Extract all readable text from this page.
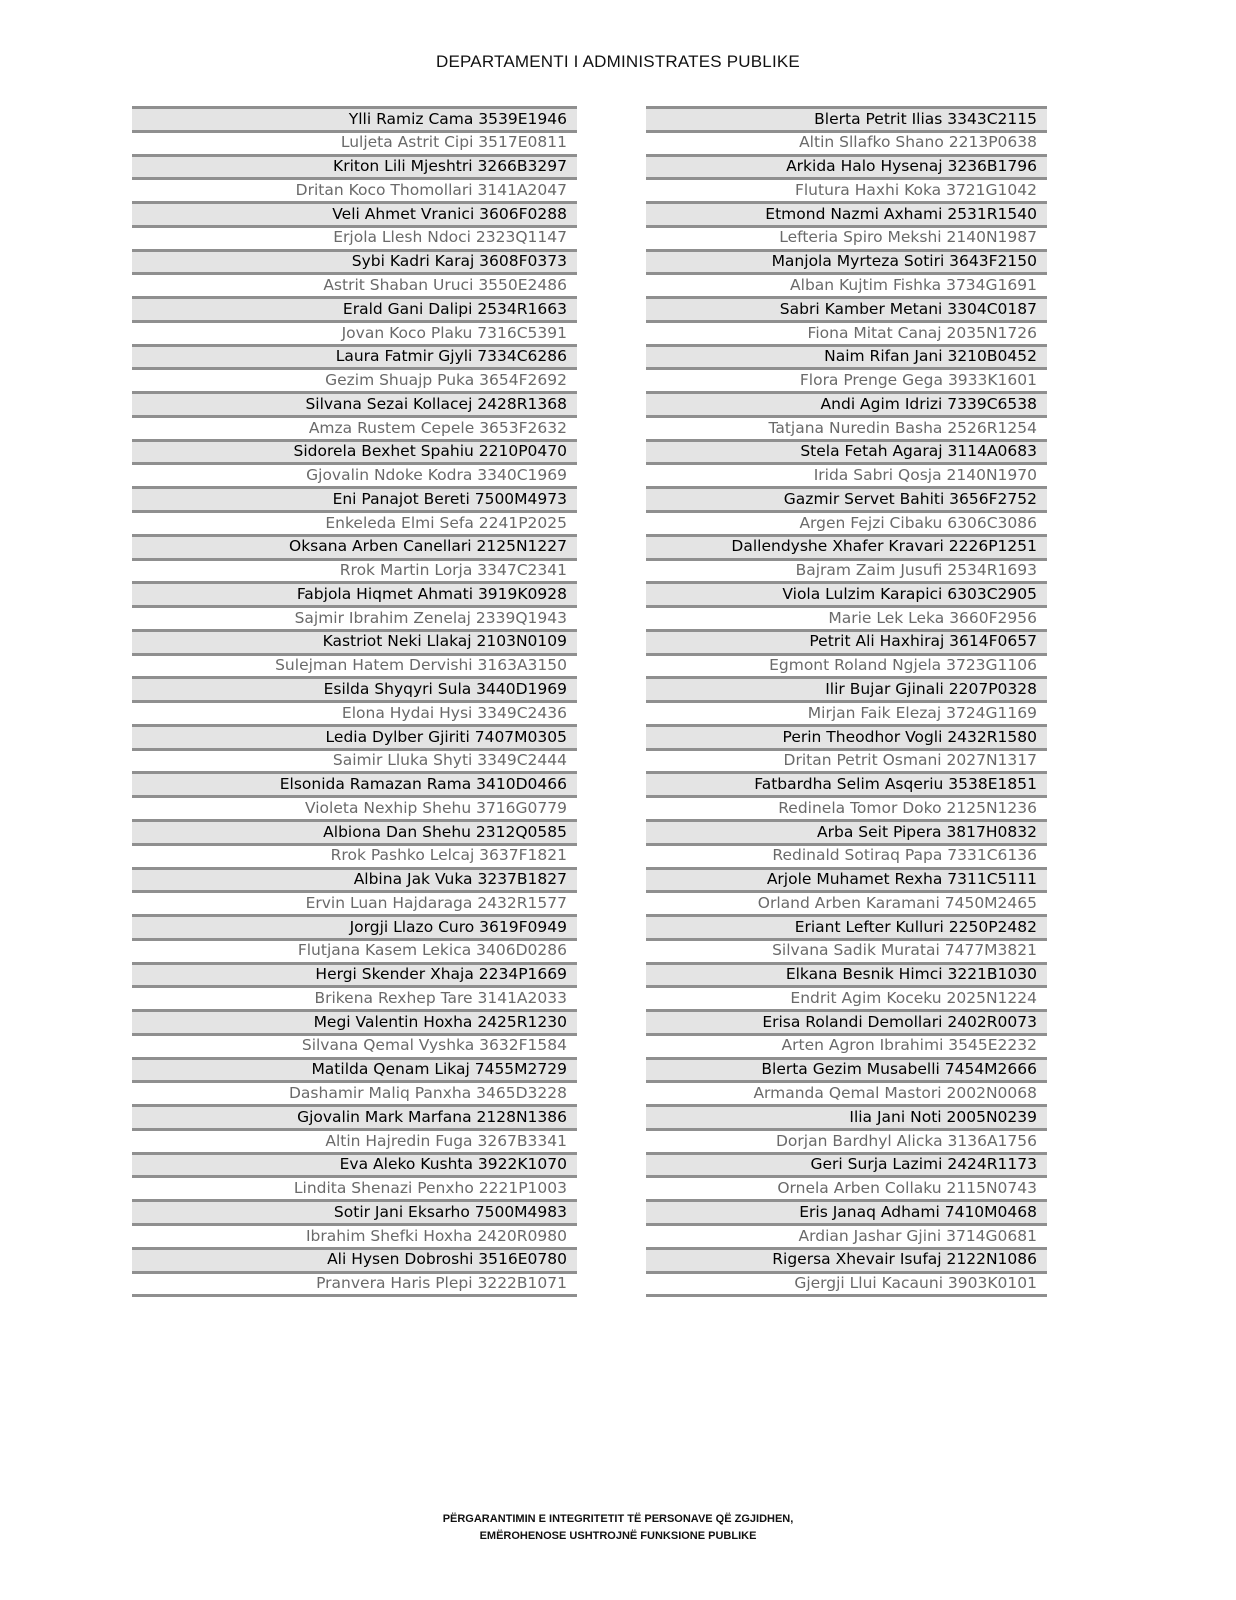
DEPARTAMENTI I ADMINISTRATES PUBLIKE
Ylli Ramiz Cama 3539E1946
Luljeta Astrit Cipi 3517E0811
Kriton Lili Mjeshtri 3266B3297
Dritan Koco Thomollari 3141A2047
Veli Ahmet Vranici 3606F0288
Erjola Llesh Ndoci 2323Q1147
Sybi Kadri Karaj 3608F0373
Astrit Shaban Uruci 3550E2486
Erald Gani Dalipi 2534R1663
Jovan Koco Plaku 7316C5391
Laura Fatmir Gjyli 7334C6286
Gezim Shuajp Puka 3654F2692
Silvana Sezai Kollacej 2428R1368
Amza Rustem Cepele 3653F2632
Sidorela Bexhet Spahiu 2210P0470
Gjovalin Ndoke Kodra 3340C1969
Eni Panajot Bereti 7500M4973
Enkeleda Elmi Sefa 2241P2025
Oksana Arben Canellari 2125N1227
Rrok Martin Lorja 3347C2341
Fabjola Hiqmet Ahmati 3919K0928
Sajmir Ibrahim Zenelaj 2339Q1943
Kastriot Neki Llakaj 2103N0109
Sulejman Hatem Dervishi 3163A3150
Esilda Shyqyri Sula 3440D1969
Elona Hydai Hysi 3349C2436
Ledia Dylber Gjiriti 7407M0305
Saimir Lluka Shyti 3349C2444
Elsonida Ramazan Rama 3410D0466
Violeta Nexhip Shehu 3716G0779
Albiona Dan Shehu 2312Q0585
Rrok Pashko Lelcaj 3637F1821
Albina Jak Vuka 3237B1827
Ervin Luan Hajdaraga 2432R1577
Jorgji Llazo Curo 3619F0949
Flutjana Kasem Lekica 3406D0286
Hergi Skender Xhaja 2234P1669
Brikena Rexhep Tare 3141A2033
Megi Valentin Hoxha 2425R1230
Silvana Qemal Vyshka 3632F1584
Matilda Qenam Likaj 7455M2729
Dashamir Maliq Panxha 3465D3228
Gjovalin Mark Marfana 2128N1386
Altin Hajredin Fuga 3267B3341
Eva Aleko Kushta 3922K1070
Lindita Shenazi Penxho 2221P1003
Sotir Jani Eksarho 7500M4983
Ibrahim Shefki Hoxha 2420R0980
Ali Hysen Dobroshi 3516E0780
Pranvera Haris Plepi 3222B1071
Blerta Petrit Ilias 3343C2115
Altin Sllafko Shano 2213P0638
Arkida Halo Hysenaj 3236B1796
Flutura Haxhi Koka 3721G1042
Etmond Nazmi Axhami 2531R1540
Lefteria Spiro Mekshi 2140N1987
Manjola Myrteza Sotiri 3643F2150
Alban Kujtim Fishka 3734G1691
Sabri Kamber Metani 3304C0187
Fiona Mitat Canaj 2035N1726
Naim Rifan Jani 3210B0452
Flora Prenge Gega 3933K1601
Andi Agim Idrizi 7339C6538
Tatjana Nuredin Basha 2526R1254
Stela Fetah Agaraj 3114A0683
Irida Sabri Qosja 2140N1970
Gazmir Servet Bahiti 3656F2752
Argen Fejzi Cibaku 6306C3086
Dallendyshe Xhafer Kravari 2226P1251
Bajram Zaim Jusufi 2534R1693
Viola Lulzim Karapici 6303C2905
Marie Lek Leka 3660F2956
Petrit Ali Haxhiraj 3614F0657
Egmont Roland Ngjela 3723G1106
Ilir Bujar Gjinali 2207P0328
Mirjan Faik Elezaj 3724G1169
Perin Theodhor Vogli 2432R1580
Dritan Petrit Osmani 2027N1317
Fatbardha Selim Asqeriu 3538E1851
Redinela Tomor Doko 2125N1236
Arba Seit Pipera 3817H0832
Redinald Sotiraq Papa 7331C6136
Arjole Muhamet Rexha 7311C5111
Orland Arben Karamani 7450M2465
Eriant Lefter Kulluri 2250P2482
Silvana Sadik Muratai 7477M3821
Elkana Besnik Himci 3221B1030
Endrit Agim Koceku 2025N1224
Erisa Rolandi Demollari 2402R0073
Arten Agron Ibrahimi 3545E2232
Blerta Gezim Musabelli 7454M2666
Armanda Qemal Mastori 2002N0068
Ilia Jani Noti 2005N0239
Dorjan Bardhyl Alicka 3136A1756
Geri Surja Lazimi 2424R1173
Ornela Arben Collaku 2115N0743
Eris Janaq Adhami 7410M0468
Ardian Jashar Gjini 3714G0681
Rigersa Xhevair Isufaj 2122N1086
Gjergji Llui Kacauni 3903K0101
PËRGARANTIMIN E INTEGRITETIT TË PERSONAVE QË ZGJIDHEN,
EMËROHENOSE USHTROJNË FUNKSIONE PUBLIKE
